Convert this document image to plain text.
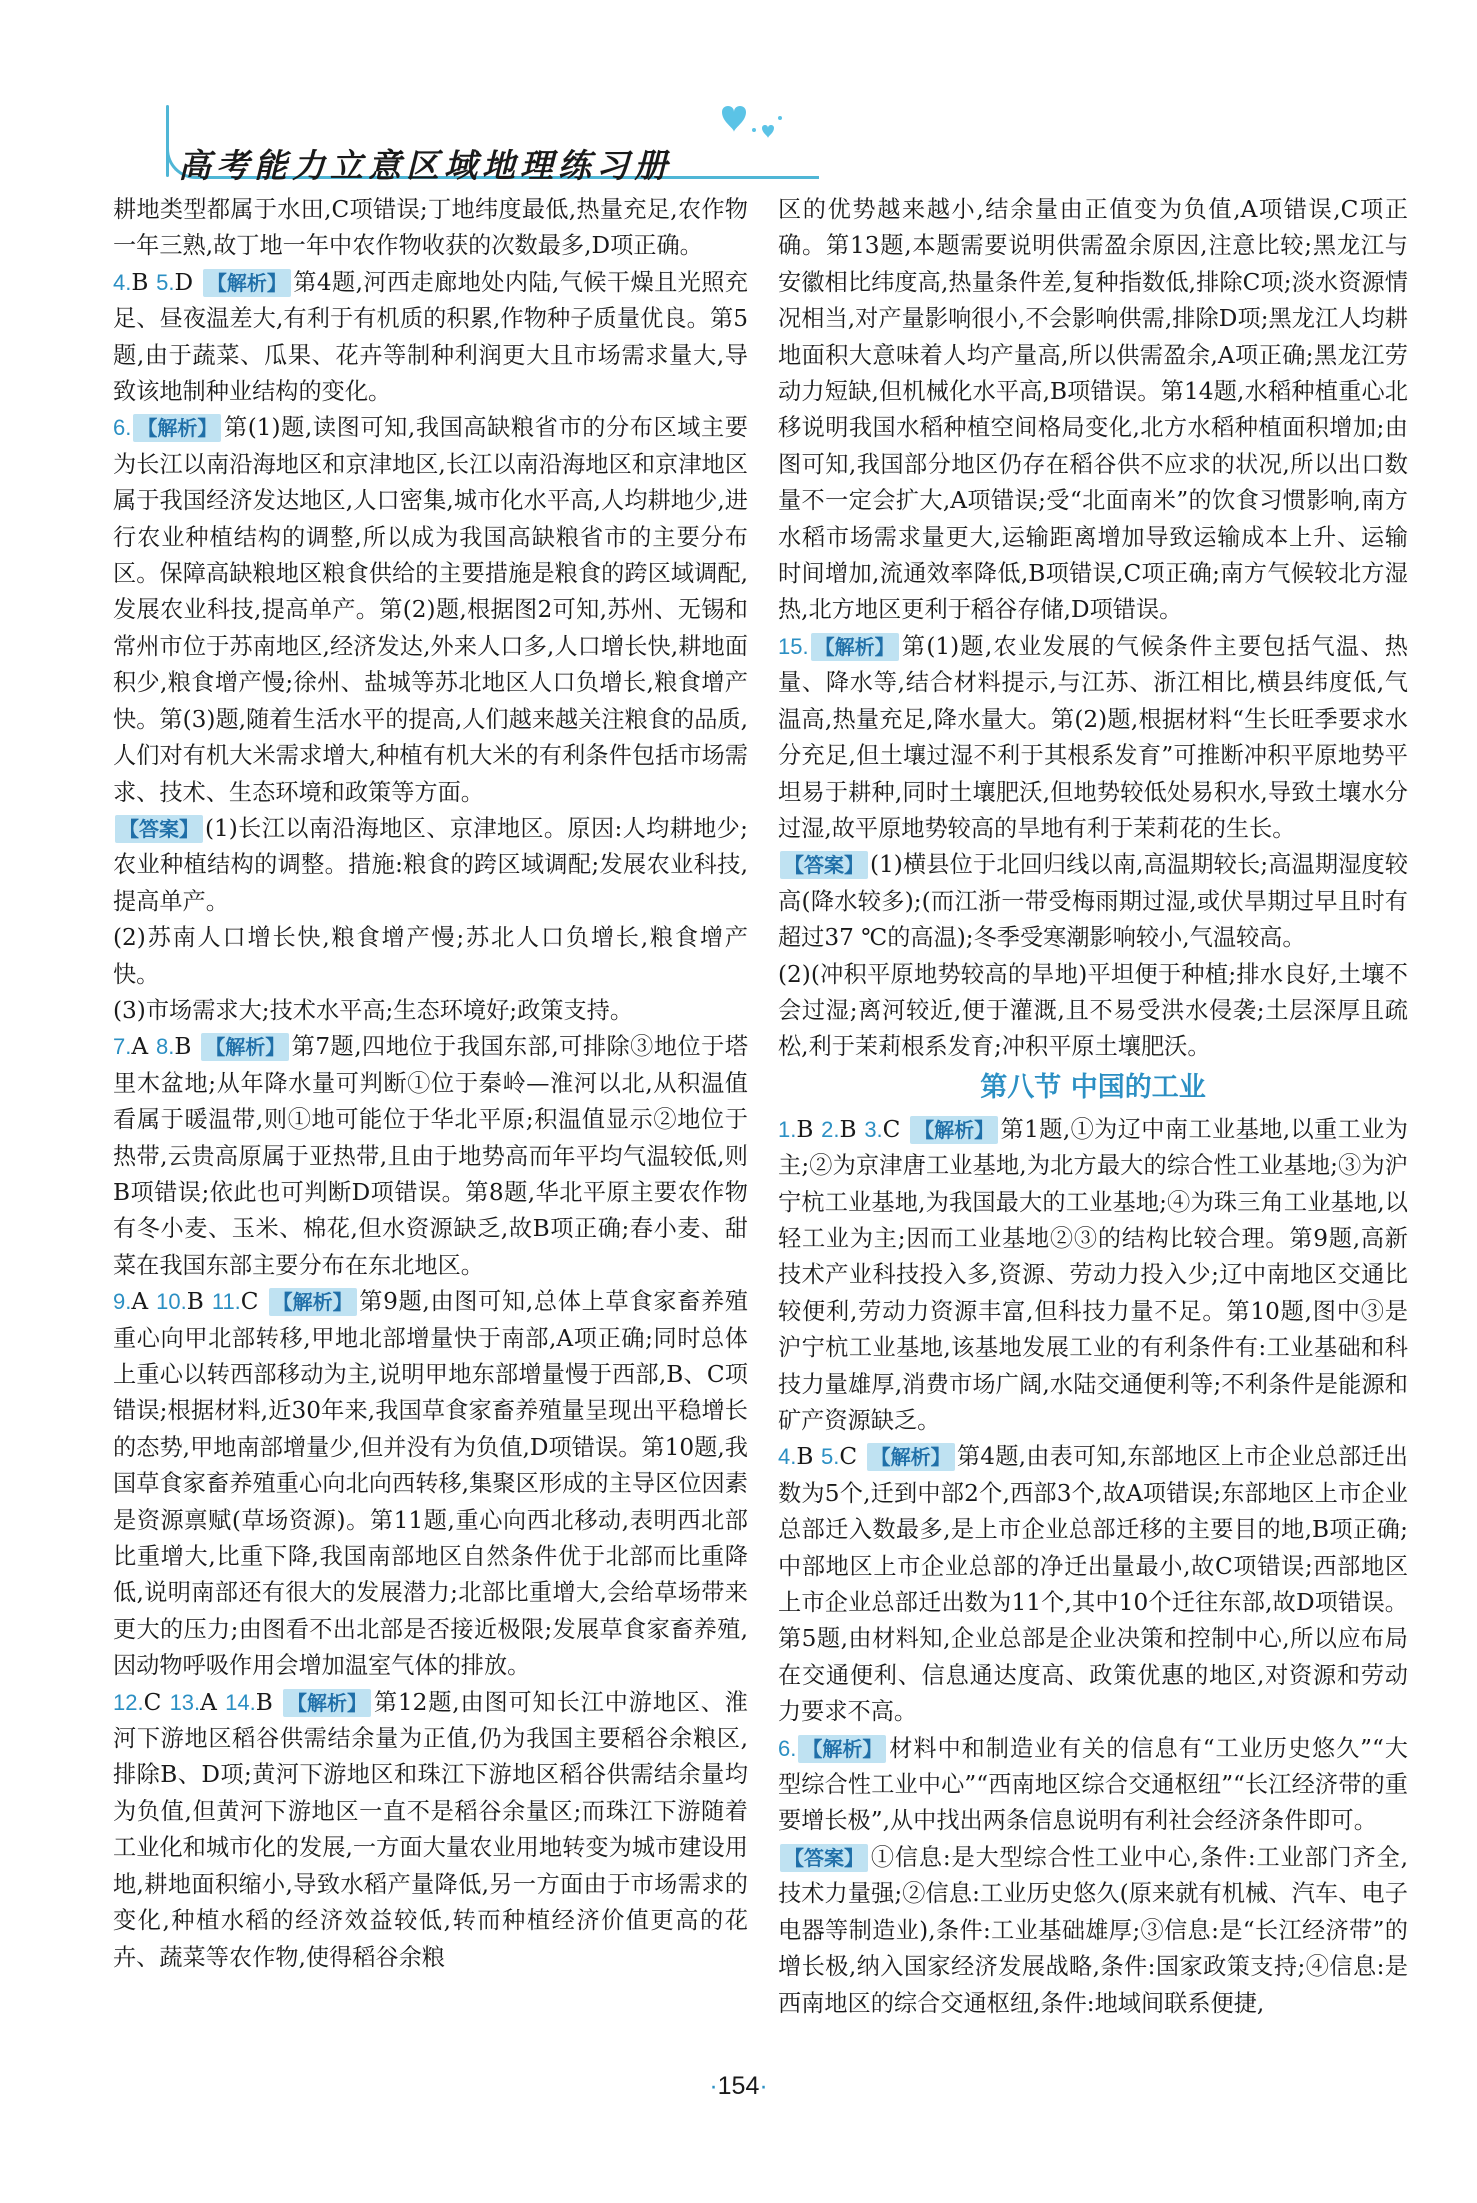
高考能力立意区域地理练习册

耕地类型都属于水田,C项错误;丁地纬度最低,热量充足,农作物一年三熟,故丁地一年中农作物收获的次数最多,D项正确。

4.B 5.D 【解析】 第4题,河西走廊地处内陆,气候干燥且光照充足、昼夜温差大,有利于有机质的积累,作物种子质量优良。第5题,由于蔬菜、瓜果、花卉等制种利润更大且市场需求量大,导致该地制种业结构的变化。

6. 【解析】 第(1)题,读图可知,我国高缺粮省市的分布区域主要为长江以南沿海地区和京津地区,长江以南沿海地区和京津地区属于我国经济发达地区,人口密集,城市化水平高,人均耕地少,进行农业种植结构的调整,所以成为我国高缺粮省市的主要分布区。保障高缺粮地区粮食供给的主要措施是粮食的跨区域调配,发展农业科技,提高单产。第(2)题,根据图2可知,苏州、无锡和常州市位于苏南地区,经济发达,外来人口多,人口增长快,耕地面积少,粮食增产慢;徐州、盐城等苏北地区人口负增长,粮食增产快。第(3)题,随着生活水平的提高,人们越来越关注粮食的品质,人们对有机大米需求增大,种植有机大米的有利条件包括市场需求、技术、生态环境和政策等方面。

【答案】 (1)长江以南沿海地区、京津地区。原因:人均耕地少;农业种植结构的调整。措施:粮食的跨区域调配;发展农业科技,提高单产。

(2)苏南人口增长快,粮食增产慢;苏北人口负增长,粮食增产快。

(3)市场需求大;技术水平高;生态环境好;政策支持。

7.A 8.B 【解析】 第7题,四地位于我国东部,可排除③地位于塔里木盆地;从年降水量可判断①位于秦岭—淮河以北,从积温值看属于暖温带,则①地可能位于华北平原;积温值显示②地位于热带,云贵高原属于亚热带,且由于地势高而年平均气温较低,则B项错误;依此也可判断D项错误。第8题,华北平原主要农作物有冬小麦、玉米、棉花,但水资源缺乏,故B项正确;春小麦、甜菜在我国东部主要分布在东北地区。

9.A 10.B 11.C 【解析】 第9题,由图可知,总体上草食家畜养殖重心向甲北部转移,甲地北部增量快于南部,A项正确;同时总体上重心以转西部移动为主,说明甲地东部增量慢于西部,B、C项错误;根据材料,近30年来,我国草食家畜养殖量呈现出平稳增长的态势,甲地南部增量少,但并没有为负值,D项错误。第10题,我国草食家畜养殖重心向北向西转移,集聚区形成的主导区位因素是资源禀赋(草场资源)。第11题,重心向西北移动,表明西北部比重增大,比重下降,我国南部地区自然条件优于北部而比重降低,说明南部还有很大的发展潜力;北部比重增大,会给草场带来更大的压力;由图看不出北部是否接近极限;发展草食家畜养殖,因动物呼吸作用会增加温室气体的排放。

12.C 13.A 14.B 【解析】 第12题,由图可知长江中游地区、淮河下游地区稻谷供需结余量为正值,仍为我国主要稻谷余粮区,排除B、D项;黄河下游地区和珠江下游地区稻谷供需结余量均为负值,但黄河下游地区一直不是稻谷余量区;而珠江下游随着工业化和城市化的发展,一方面大量农业用地转变为城市建设用地,耕地面积缩小,导致水稻产量降低,另一方面由于市场需求的变化,种植水稻的经济效益较低,转而种植经济价值更高的花卉、蔬菜等农作物,使得稻谷余粮

区的优势越来越小,结余量由正值变为负值,A项错误,C项正确。第13题,本题需要说明供需盈余原因,注意比较;黑龙江与安徽相比纬度高,热量条件差,复种指数低,排除C项;淡水资源情况相当,对产量影响很小,不会影响供需,排除D项;黑龙江人均耕地面积大意味着人均产量高,所以供需盈余,A项正确;黑龙江劳动力短缺,但机械化水平高,B项错误。第14题,水稻种植重心北移说明我国水稻种植空间格局变化,北方水稻种植面积增加;由图可知,我国部分地区仍存在稻谷供不应求的状况,所以出口数量不一定会扩大,A项错误;受“北面南米”的饮食习惯影响,南方水稻市场需求量更大,运输距离增加导致运输成本上升、运输时间增加,流通效率降低,B项错误,C项正确;南方气候较北方湿热,北方地区更利于稻谷存储,D项错误。

15. 【解析】 第(1)题,农业发展的气候条件主要包括气温、热量、降水等,结合材料提示,与江苏、浙江相比,横县纬度低,气温高,热量充足,降水量大。第(2)题,根据材料“生长旺季要求水分充足,但土壤过湿不利于其根系发育”可推断冲积平原地势平坦易于耕种,同时土壤肥沃,但地势较低处易积水,导致土壤水分过湿,故平原地势较高的旱地有利于茉莉花的生长。

【答案】 (1)横县位于北回归线以南,高温期较长;高温期湿度较高(降水较多);(而江浙一带受梅雨期过湿,或伏旱期过早且时有超过37 ℃的高温);冬季受寒潮影响较小,气温较高。

(2)(冲积平原地势较高的旱地)平坦便于种植;排水良好,土壤不会过湿;离河较近,便于灌溉,且不易受洪水侵袭;土层深厚且疏松,利于茉莉根系发育;冲积平原土壤肥沃。

第八节 中国的工业

1.B 2.B 3.C 【解析】 第1题,①为辽中南工业基地,以重工业为主;②为京津唐工业基地,为北方最大的综合性工业基地;③为沪宁杭工业基地,为我国最大的工业基地;④为珠三角工业基地,以轻工业为主;因而工业基地②③的结构比较合理。第9题,高新技术产业科技投入多,资源、劳动力投入少;辽中南地区交通比较便利,劳动力资源丰富,但科技力量不足。第10题,图中③是沪宁杭工业基地,该基地发展工业的有利条件有:工业基础和科技力量雄厚,消费市场广阔,水陆交通便利等;不利条件是能源和矿产资源缺乏。

4.B 5.C 【解析】 第4题,由表可知,东部地区上市企业总部迁出数为5个,迁到中部2个,西部3个,故A项错误;东部地区上市企业总部迁入数最多,是上市企业总部迁移的主要目的地,B项正确;中部地区上市企业总部的净迁出量最小,故C项错误;西部地区上市企业总部迁出数为11个,其中10个迁往东部,故D项错误。第5题,由材料知,企业总部是企业决策和控制中心,所以应布局在交通便利、信息通达度高、政策优惠的地区,对资源和劳动力要求不高。

6. 【解析】 材料中和制造业有关的信息有“工业历史悠久”“大型综合性工业中心”“西南地区综合交通枢纽”“长江经济带的重要增长极”,从中找出两条信息说明有利社会经济条件即可。

【答案】 ①信息:是大型综合性工业中心,条件:工业部门齐全,技术力量强;②信息:工业历史悠久(原来就有机械、汽车、电子电器等制造业),条件:工业基础雄厚;③信息:是“长江经济带”的增长极,纳入国家经济发展战略,条件:国家政策支持;④信息:是西南地区的综合交通枢纽,条件:地域间联系便捷,

·154·
